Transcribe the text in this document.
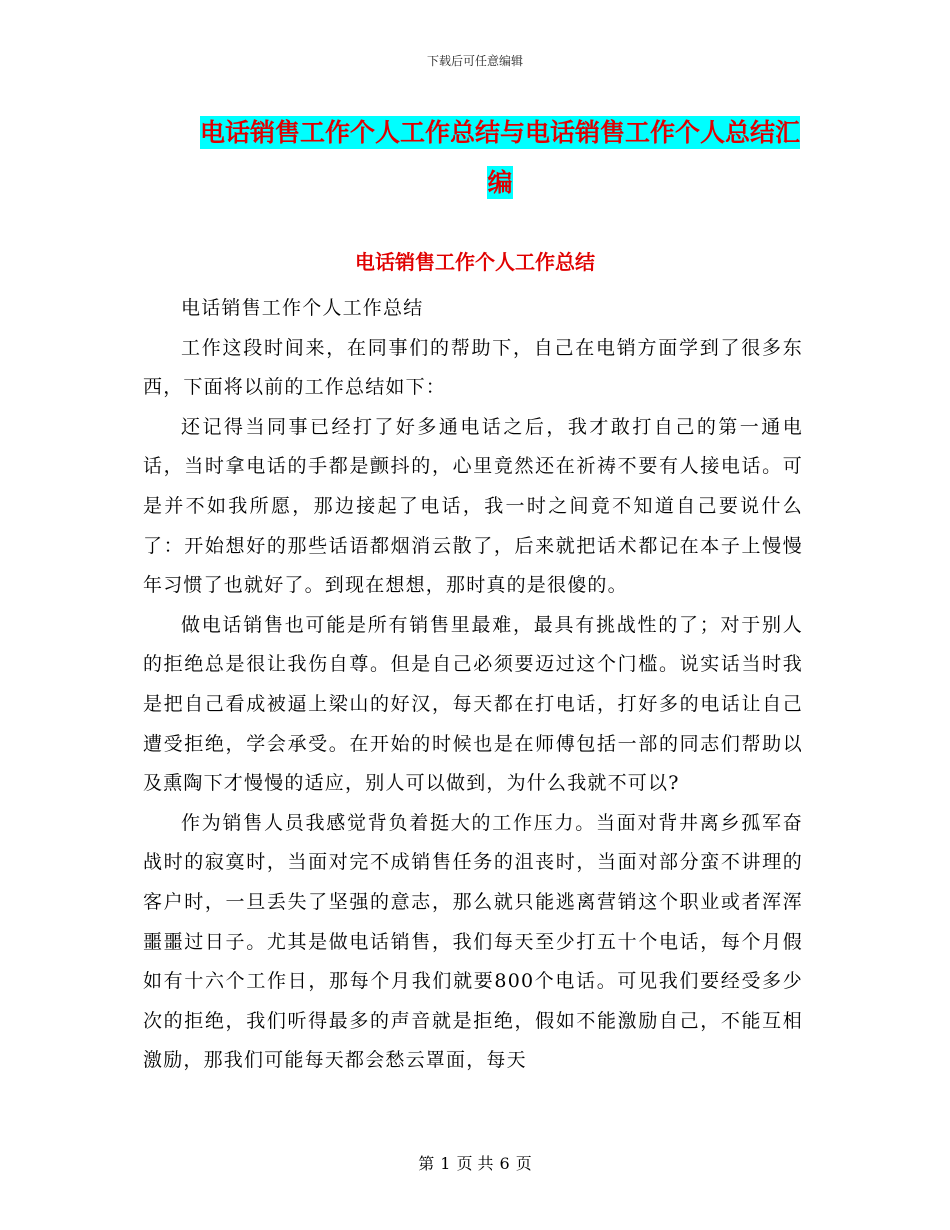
下载后可任意编辑
电话销售工作个人工作总结与电话销售工作个人总结汇编
电话销售工作个人工作总结

电话销售工作个人工作总结

工作这段时间来，在同事们的帮助下，自己在电销方面学到了很多东西，下面将以前的工作总结如下：

还记得当同事已经打了好多通电话之后，我才敢打自己的第一通电话，当时拿电话的手都是颤抖的，心里竟然还在祈祷不要有人接电话。可是并不如我所愿，那边接起了电话，我一时之间竟不知道自己要说什么了：开始想好的那些话语都烟消云散了，后来就把话术都记在本子上慢慢年习惯了也就好了。到现在想想，那时真的是很傻的。

做电话销售也可能是所有销售里最难，最具有挑战性的了；对于别人的拒绝总是很让我伤自尊。但是自己必须要迈过这个门槛。说实话当时我是把自己看成被逼上梁山的好汉，每天都在打电话，打好多的电话让自己遭受拒绝，学会承受。在开始的时候也是在师傅包括一部的同志们帮助以及熏陶下才慢慢的适应，别人可以做到，为什么我就不可以?

作为销售人员我感觉背负着挺大的工作压力。当面对背井离乡孤军奋战时的寂寞时，当面对完不成销售任务的沮丧时，当面对部分蛮不讲理的客户时，一旦丢失了坚强的意志，那么就只能逃离营销这个职业或者浑浑噩噩过日子。尤其是做电话销售，我们每天至少打五十个电话，每个月假如有十六个工作日，那每个月我们就要800个电话。可见我们要经受多少次的拒绝，我们听得最多的声音就是拒绝，假如不能激励自己，不能互相激励，那我们可能每天都会愁云罩面，每天

第 1 页 共 6 页
